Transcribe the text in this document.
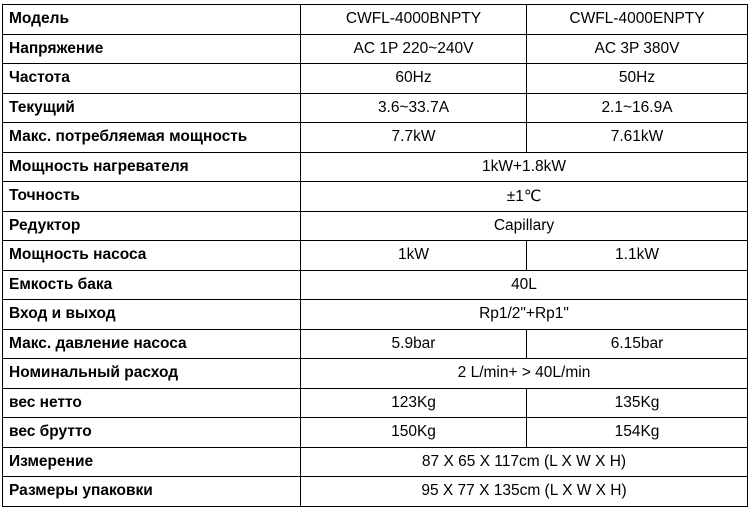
Модель	CWFL-4000BNPTY	CWFL-4000ENPTY
Напряжение	AC 1P 220~240V	AC 3P 380V
Частота	60Hz	50Hz
Текущий	3.6~33.7A	2.1~16.9A
Макс. потребляемая мощность	7.7kW	7.61kW
Мощность нагревателя	1kW+1.8kW	
Точность	±1℃	
Редуктор	Capillary	
Мощность насоса	1kW	1.1kW
Емкость бака	40L	
Вход и выход	Rp1/2"+Rp1"	
Макс. давление насоса	5.9bar	6.15bar
Номинальный расход	2 L/min+ > 40L/min	
вес нетто	123Kg	135Kg
вес брутто	150Kg	154Kg
Измерение	87 X 65 X 117cm (L X W X H)	
Размеры упаковки	95 X 77 X 135cm (L X W X H)	
